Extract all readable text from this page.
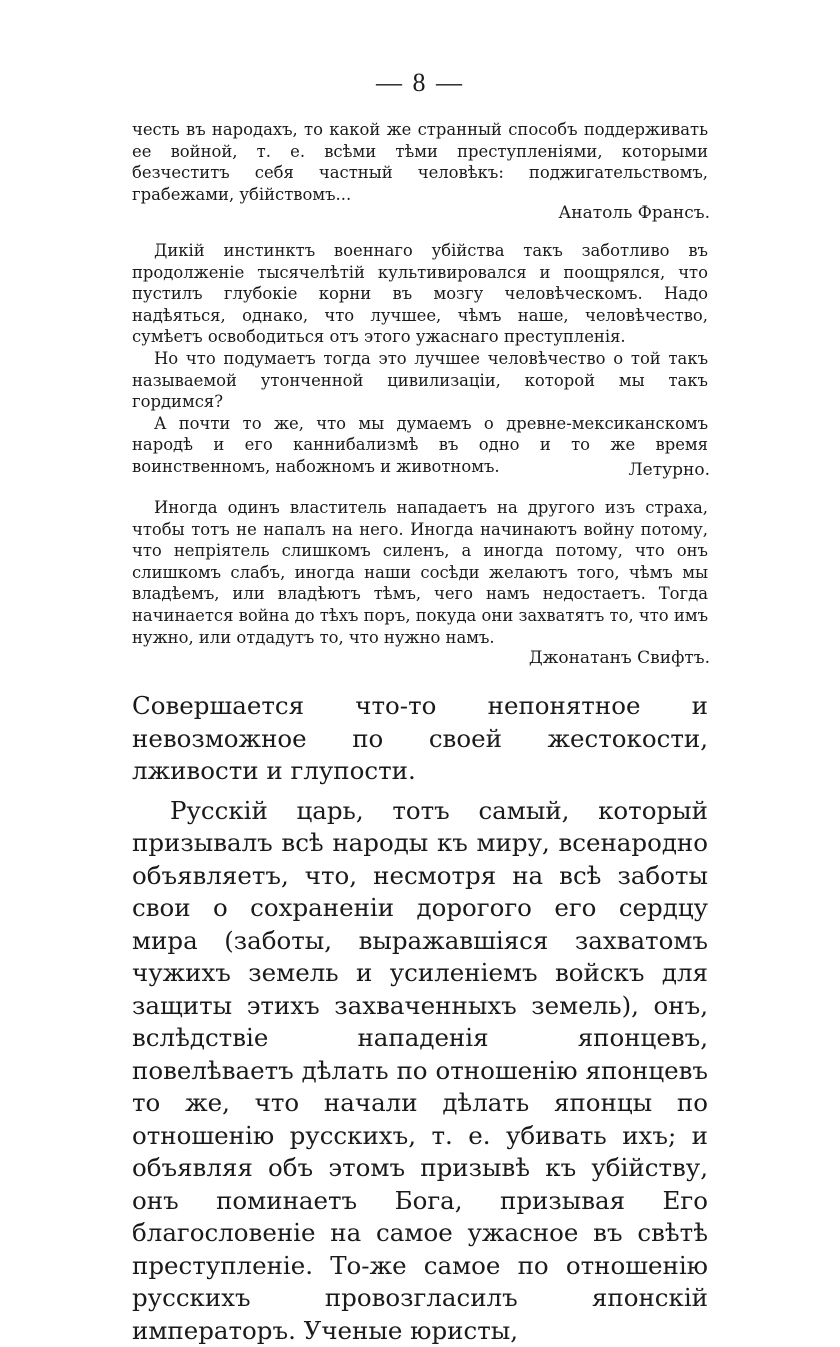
— 8 —

честь въ народахъ, то какой же странный способъ поддерживать ее войной, т. е. всѣми тѣми преступленіями, которыми безчеститъ себя частный человѣкъ: поджигательствомъ, грабежами, убійствомъ...

Анатоль Франсъ.

Дикій инстинктъ военнаго убійства такъ заботливо въ продолженіе тысячелѣтій культивировался и поощрялся, что пустилъ глубокіе корни въ мозгу человѣческомъ. Надо надѣяться, однако, что лучшее, чѣмъ наше, человѣчество, сумѣетъ освободиться отъ этого ужаснаго преступленія.

Но что подумаетъ тогда это лучшее человѣчество о той такъ называемой утонченной цивилизаціи, которой мы такъ гордимся?

А почти то же, что мы думаемъ о древне-мексиканскомъ народѣ и его каннибализмѣ въ одно и то же время воинственномъ, набожномъ и животномъ.	Летурно.

Иногда одинъ властитель нападаетъ на другого изъ страха, чтобы тотъ не напалъ на него. Иногда начинаютъ войну потому, что непріятель слишкомъ силенъ, а иногда потому, что онъ слишкомъ слабъ, иногда наши сосѣди желаютъ того, чѣмъ мы владѣемъ, или владѣютъ тѣмъ, чего намъ недостаетъ. Тогда начинается война до тѣхъ поръ, покуда они захватятъ то, что имъ нужно, или отдадутъ то, что нужно намъ.

Джонатанъ Свифтъ.

Совершается что-то непонятное и невозможное по своей жестокости, лживости и глупости.

Русскій царь, тотъ самый, который призывалъ всѣ народы къ миру, всенародно объявляетъ, что, несмотря на всѣ заботы свои о сохраненіи дорогого его сердцу мира (заботы, выражавшіяся захватомъ чужихъ земель и усиленіемъ войскъ для защиты этихъ захваченныхъ земель), онъ, вслѣдствіе нападенія японцевъ, повелѣваетъ дѣлать по отношенію японцевъ то же, что начали дѣлать японцы по отношенію русскихъ, т. е. убивать ихъ; и объявляя объ этомъ призывѣ къ убійству, онъ поминаетъ Бога, призывая Его благословеніе на самое ужасное въ свѣтѣ преступленіе. То-же самое по отношенію русскихъ провозгласилъ японскій императоръ. Ученые юристы,
